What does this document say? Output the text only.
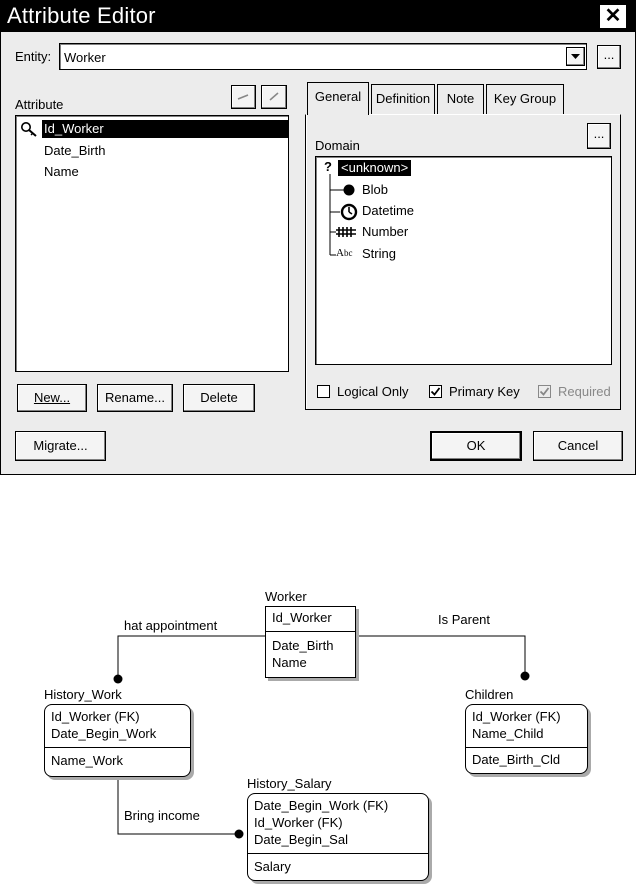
Attribute Editor	✕
Entity: Worker	...
Attribute
Id_Worker
Date_Birth
Name
New...	Rename...	Delete
General	Definition	Note	Key Group
Domain
...
? <unknown>
Blob
Datetime
Number
A bc String
Logical Only	Primary Key	Required
Migrate...	OK	Cancel
hat appointment	Is Parent
Bring income
Worker
Id_Worker
Date_Birth
Name
History_Work
Id_Worker (FK)
Date_Begin_Work
Name_Work
Children
Id_Worker (FK)
Name_Child
Date_Birth_Cld
History_Salary
Date_Begin_Work (FK)
Id_Worker (FK)
Date_Begin_Sal
Salary
